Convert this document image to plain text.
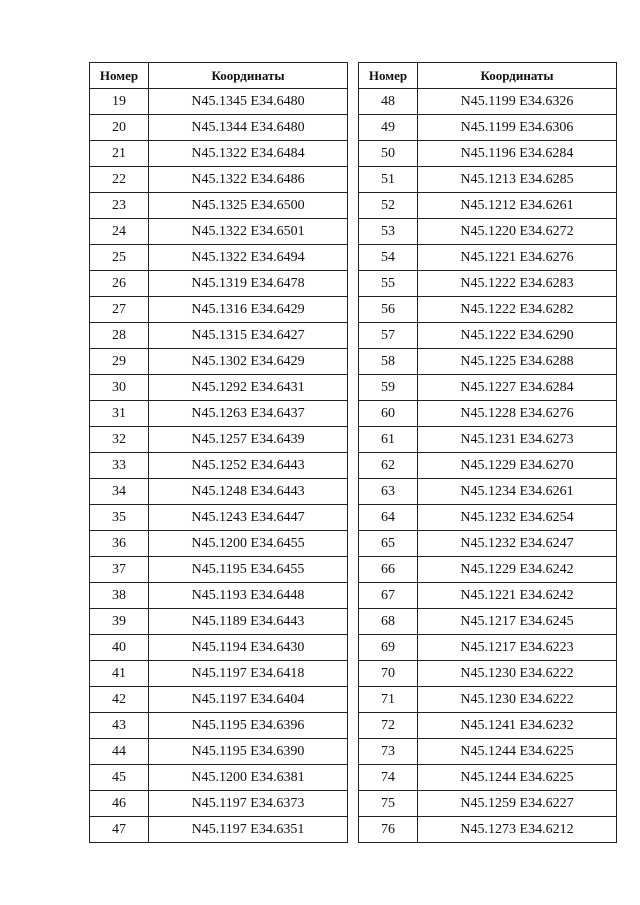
Номер	Координаты
19	N45.1345 E34.6480
20	N45.1344 E34.6480
21	N45.1322 E34.6484
22	N45.1322 E34.6486
23	N45.1325 E34.6500
24	N45.1322 E34.6501
25	N45.1322 E34.6494
26	N45.1319 E34.6478
27	N45.1316 E34.6429
28	N45.1315 E34.6427
29	N45.1302 E34.6429
30	N45.1292 E34.6431
31	N45.1263 E34.6437
32	N45.1257 E34.6439
33	N45.1252 E34.6443
34	N45.1248 E34.6443
35	N45.1243 E34.6447
36	N45.1200 E34.6455
37	N45.1195 E34.6455
38	N45.1193 E34.6448
39	N45.1189 E34.6443
40	N45.1194 E34.6430
41	N45.1197 E34.6418
42	N45.1197 E34.6404
43	N45.1195 E34.6396
44	N45.1195 E34.6390
45	N45.1200 E34.6381
46	N45.1197 E34.6373
47	N45.1197 E34.6351
Номер	Координаты
48	N45.1199 E34.6326
49	N45.1199 E34.6306
50	N45.1196 E34.6284
51	N45.1213 E34.6285
52	N45.1212 E34.6261
53	N45.1220 E34.6272
54	N45.1221 E34.6276
55	N45.1222 E34.6283
56	N45.1222 E34.6282
57	N45.1222 E34.6290
58	N45.1225 E34.6288
59	N45.1227 E34.6284
60	N45.1228 E34.6276
61	N45.1231 E34.6273
62	N45.1229 E34.6270
63	N45.1234 E34.6261
64	N45.1232 E34.6254
65	N45.1232 E34.6247
66	N45.1229 E34.6242
67	N45.1221 E34.6242
68	N45.1217 E34.6245
69	N45.1217 E34.6223
70	N45.1230 E34.6222
71	N45.1230 E34.6222
72	N45.1241 E34.6232
73	N45.1244 E34.6225
74	N45.1244 E34.6225
75	N45.1259 E34.6227
76	N45.1273 E34.6212
